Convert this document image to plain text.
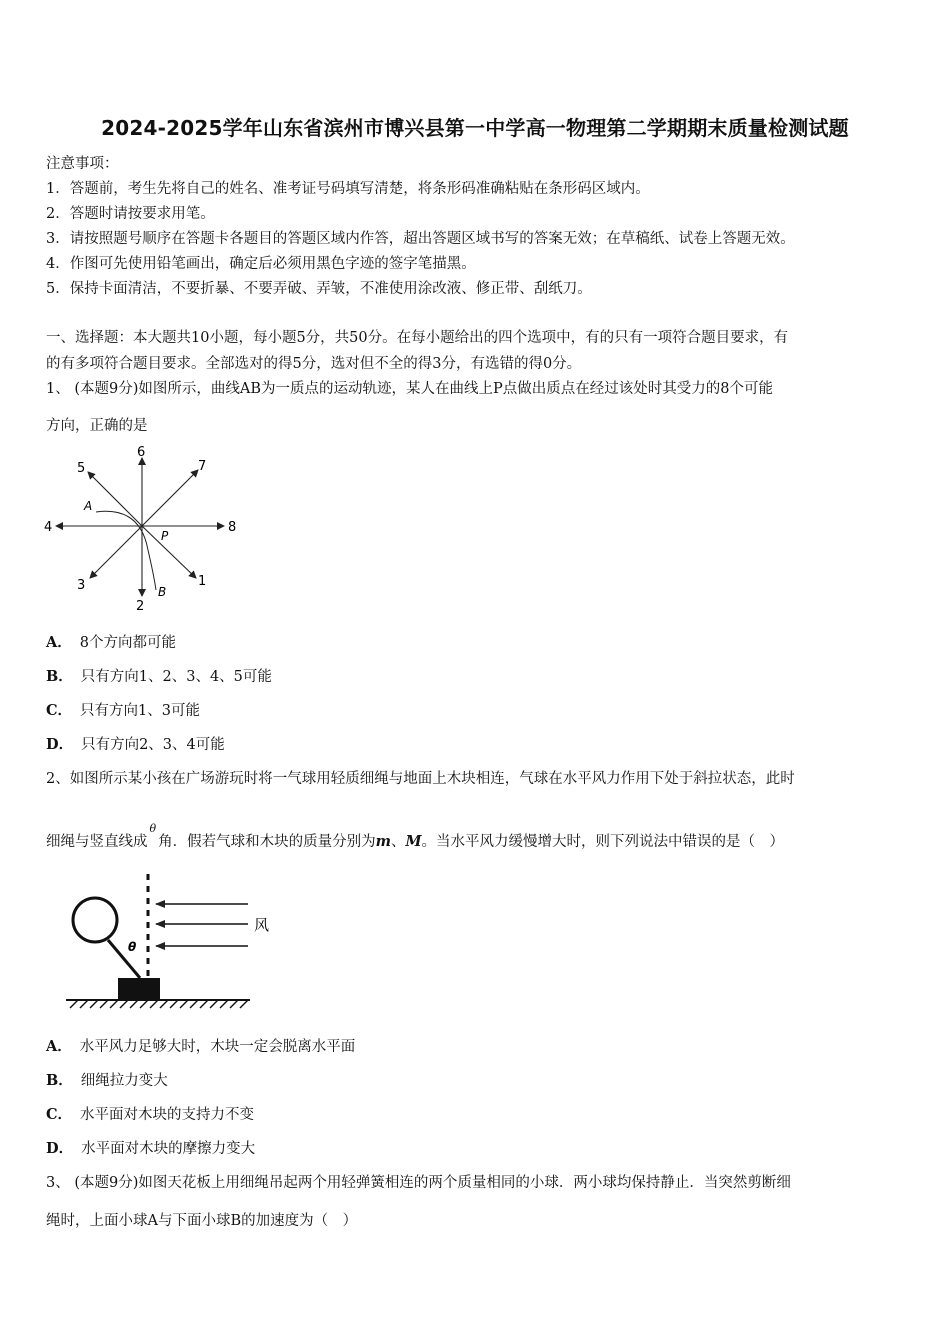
2024-2025学年山东省滨州市博兴县第一中学高一物理第二学期期末质量检测试题
注意事项：
1．答题前，考生先将自己的姓名、准考证号码填写清楚，将条形码准确粘贴在条形码区域内。
2．答题时请按要求用笔。
3．请按照题号顺序在答题卡各题目的答题区域内作答，超出答题区域书写的答案无效；在草稿纸、试卷上答题无效。
4．作图可先使用铅笔画出，确定后必须用黑色字迹的签字笔描黑。
5．保持卡面清洁，不要折暴、不要弄破、弄皱，不准使用涂改液、修正带、刮纸刀。
一、选择题：本大题共10小题，每小题5分，共50分。在每小题给出的四个选项中，有的只有一项符合题目要求，有
的有多项符合题目要求。全部选对的得5分，选对但不全的得3分，有选错的得0分。
1、 (本题9分)如图所示，曲线AB为一质点的运动轨迹，某人在曲线上P点做出质点在经过该处时其受力的8个可能
方向，正确的是
6
7
5
4	8
3	1
2
A
P
B
A． 8个方向都可能
B． 只有方向1、2、3、4、5可能
C． 只有方向1、3可能
D． 只有方向2、3、4可能
2、如图所示某小孩在广场游玩时将一气球用轻质细绳与地面上木块相连，气球在水平风力作用下处于斜拉状态，此时
细绳与竖直线成$^\theta$角．假若气球和木块的质量分别为m、M。当水平风力缓慢增大时，则下列说法中错误的是（　）
风
θ
A． 水平风力足够大时，木块一定会脱离水平面
B． 细绳拉力变大
C． 水平面对木块的支持力不变
D． 水平面对木块的摩擦力变大
3、 (本题9分)如图天花板上用细绳吊起两个用轻弹簧相连的两个质量相同的小球．两小球均保持静止．当突然剪断细
绳时，上面小球A与下面小球B的加速度为（　）
